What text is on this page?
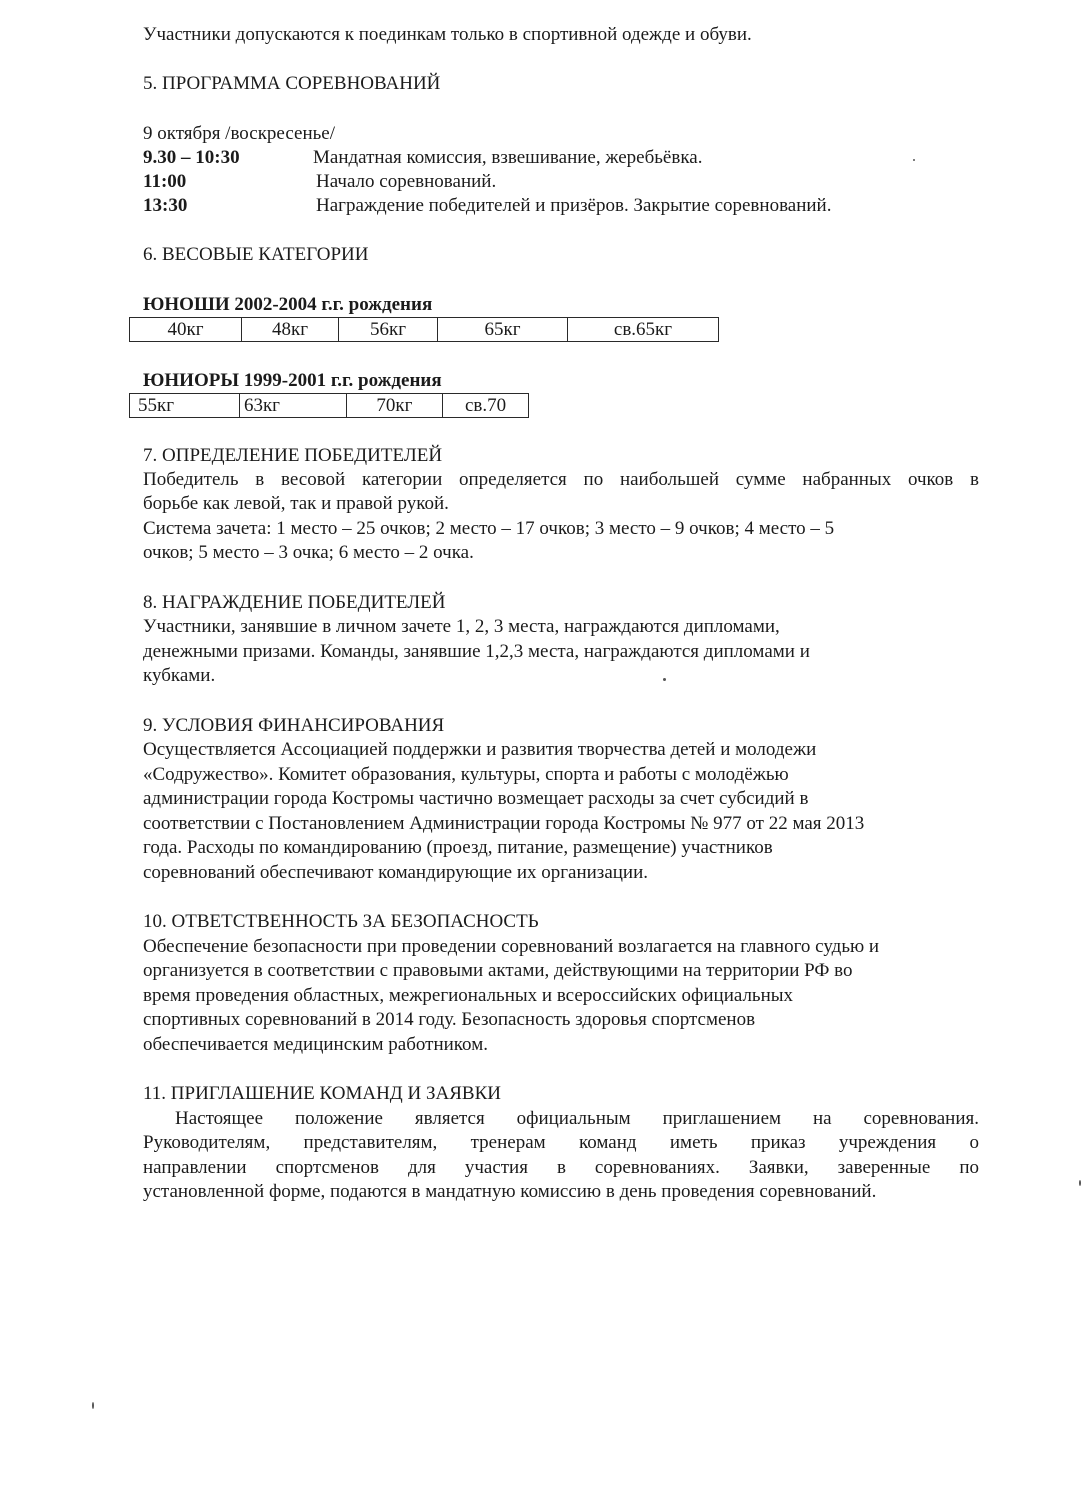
Участники допускаются к поединкам только в спортивной одежде и обуви.
5. ПРОГРАММА СОРЕВНОВАНИЙ
9 октября /воскресенье/
9.30 – 10:30	Мандатная комиссия, взвешивание, жеребьёвка.
11:00	Начало соревнований.
13:30	Награждение победителей и призёров. Закрытие соревнований.
6. ВЕСОВЫЕ КАТЕГОРИИ
ЮНОШИ 2002-2004 г.г. рождения
40кг	48кг	56кг	65кг	св.65кг
ЮНИОРЫ 1999-2001 г.г. рождения
55кг	63кг	70кг	св.70
7. ОПРЕДЕЛЕНИЕ ПОБЕДИТЕЛЕЙ
Победитель в весовой категории определяется по наибольшей сумме набранных очков в
борьбе как левой, так и правой рукой.
Система зачета: 1 место – 25 очков; 2 место – 17 очков; 3 место – 9 очков; 4 место – 5
очков; 5 место – 3 очка; 6 место – 2 очка.
8. НАГРАЖДЕНИЕ ПОБЕДИТЕЛЕЙ
Участники, занявшие в личном зачете 1, 2, 3 места, награждаются дипломами,
денежными призами. Команды, занявшие 1,2,3 места, награждаются дипломами и
кубками.
9. УСЛОВИЯ ФИНАНСИРОВАНИЯ
Осуществляется Ассоциацией поддержки и развития творчества детей и молодежи
«Содружество». Комитет образования, культуры, спорта и работы с молодёжью
администрации города Костромы частично возмещает расходы за счет субсидий в
соответствии с Постановлением Администрации города Костромы № 977 от 22 мая 2013
года. Расходы по командированию (проезд, питание, размещение) участников
соревнований обеспечивают командирующие их организации.
10. ОТВЕТСТВЕННОСТЬ ЗА БЕЗОПАСНОСТЬ
Обеспечение безопасности при проведении соревнований возлагается на главного судью и
организуется в соответствии с правовыми актами, действующими на территории РФ во
время проведения областных, межрегиональных и всероссийских официальных
спортивных соревнований в 2014 году. Безопасность здоровья спортсменов
обеспечивается медицинским работником.
11. ПРИГЛАШЕНИЕ КОМАНД И ЗАЯВКИ
Настоящее положение является официальным приглашением на соревнования.
Руководителям, представителям, тренерам команд иметь приказ учреждения о
направлении спортсменов для участия в соревнованиях. Заявки, заверенные по
установленной форме, подаются в мандатную комиссию в день проведения соревнований.
